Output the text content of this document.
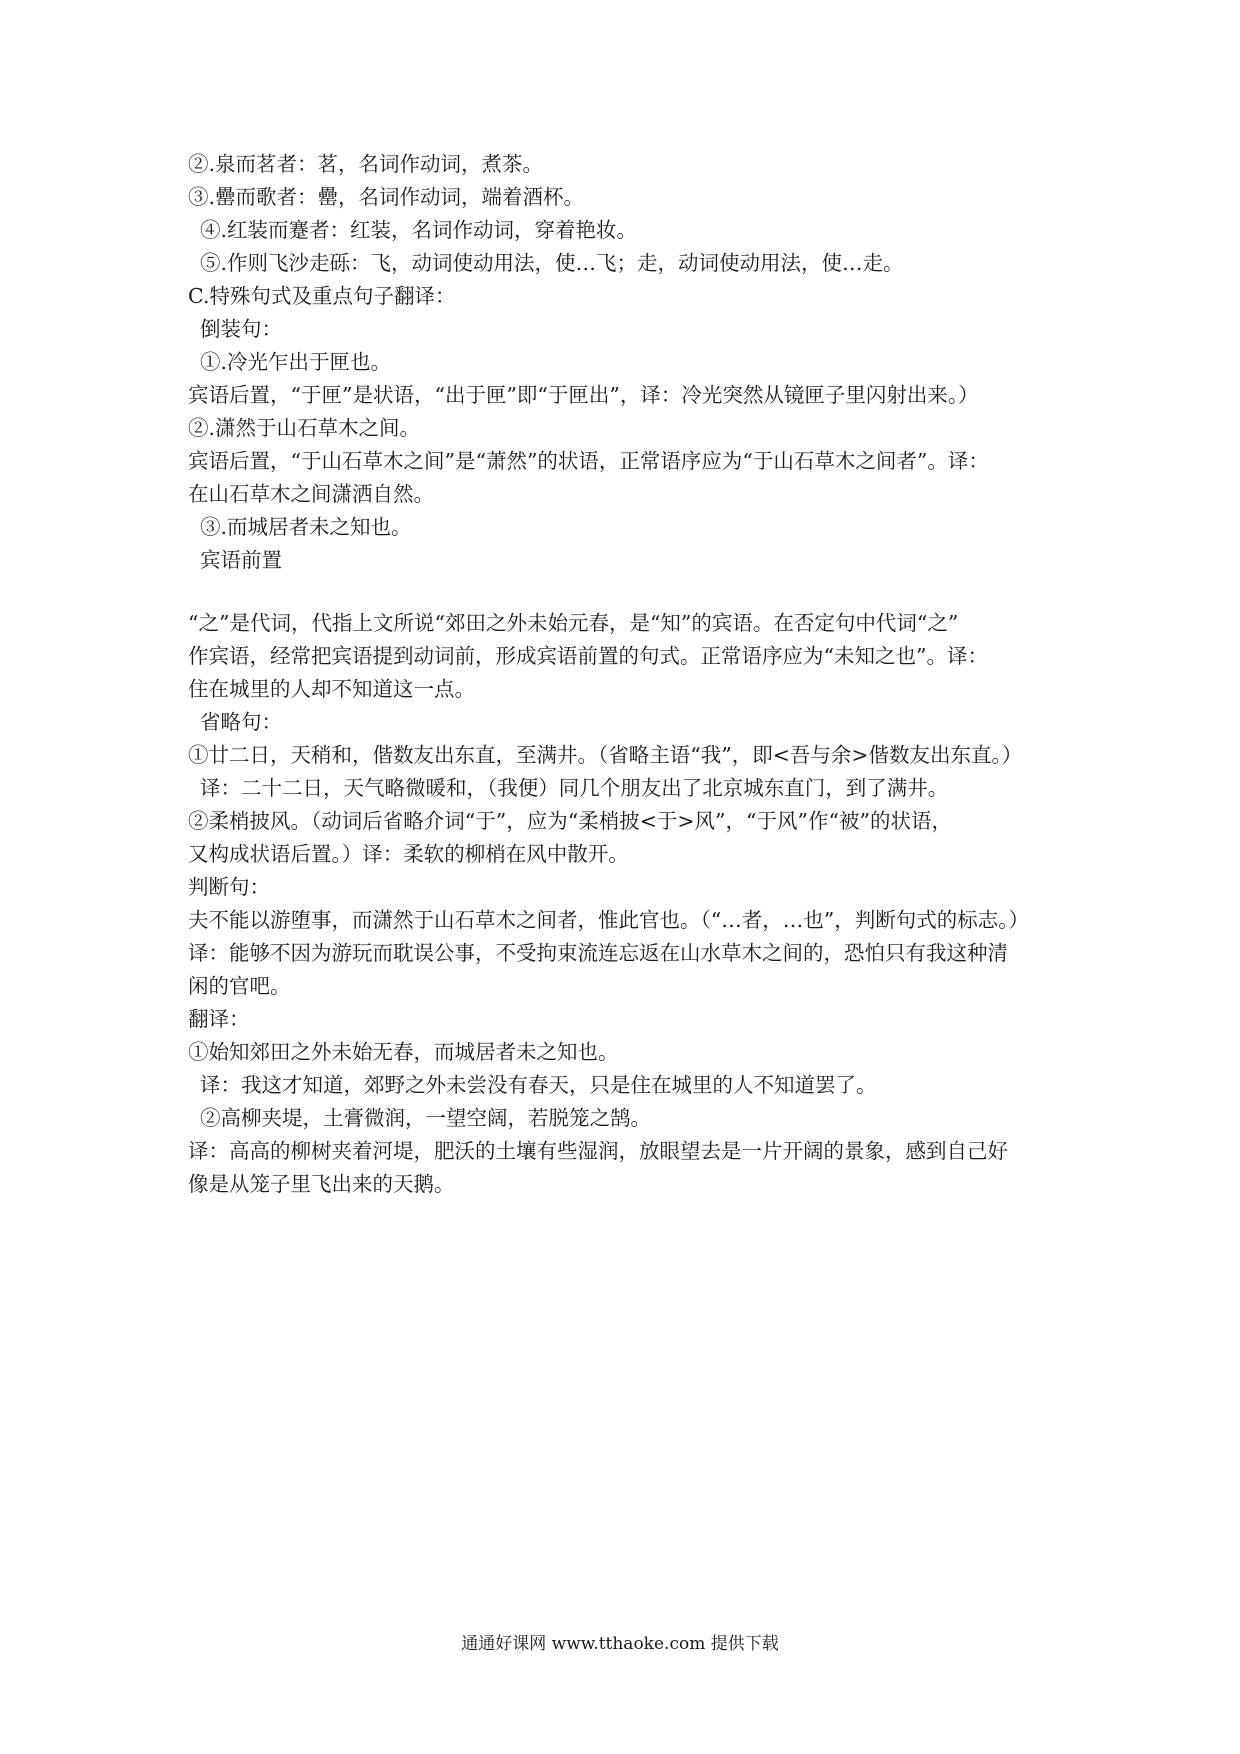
②.泉而茗者：茗，名词作动词，煮茶。
③.罍而歌者：罍，名词作动词，端着酒杯。
④.红装而蹇者：红装，名词作动词，穿着艳妆。
⑤.作则飞沙走砾：飞，动词使动用法，使…飞；走，动词使动用法，使…走。
C.特殊句式及重点句子翻译：
倒装句：
①.冷光乍出于匣也。
宾语后置，“于匣”是状语，“出于匣”即“于匣出”，译：冷光突然从镜匣子里闪射出来。）
②.潇然于山石草木之间。
宾语后置，“于山石草木之间”是“萧然”的状语，正常语序应为“于山石草木之间者”。译：
在山石草木之间潇洒自然。
③.而城居者未之知也。
宾语前置
“之”是代词，代指上文所说“郊田之外未始元春，是“知”的宾语。在否定句中代词“之”
作宾语，经常把宾语提到动词前，形成宾语前置的句式。正常语序应为“未知之也”。译：
住在城里的人却不知道这一点。
省略句：
①廿二日，天稍和，偕数友出东直，至满井。（省略主语“我”，即<吾与余>偕数友出东直。）
译：二十二日，天气略微暖和，（我便）同几个朋友出了北京城东直门，到了满井。
②柔梢披风。（动词后省略介词“于”，应为“柔梢披<于>风”，“于风”作“被”的状语，
又构成状语后置。）译：柔软的柳梢在风中散开。
判断句：
夫不能以游堕事，而潇然于山石草木之间者，惟此官也。（“…者，…也”，判断句式的标志。）
译：能够不因为游玩而耽误公事，不受拘束流连忘返在山水草木之间的，恐怕只有我这种清
闲的官吧。
翻译：
①始知郊田之外未始无春，而城居者未之知也。
译：我这才知道，郊野之外未尝没有春天，只是住在城里的人不知道罢了。
②高柳夹堤，土膏微润，一望空阔，若脱笼之鹄。
译：高高的柳树夹着河堤，肥沃的土壤有些湿润，放眼望去是一片开阔的景象，感到自己好
像是从笼子里飞出来的天鹅。
通通好课网 www.tthaoke.com 提供下载
